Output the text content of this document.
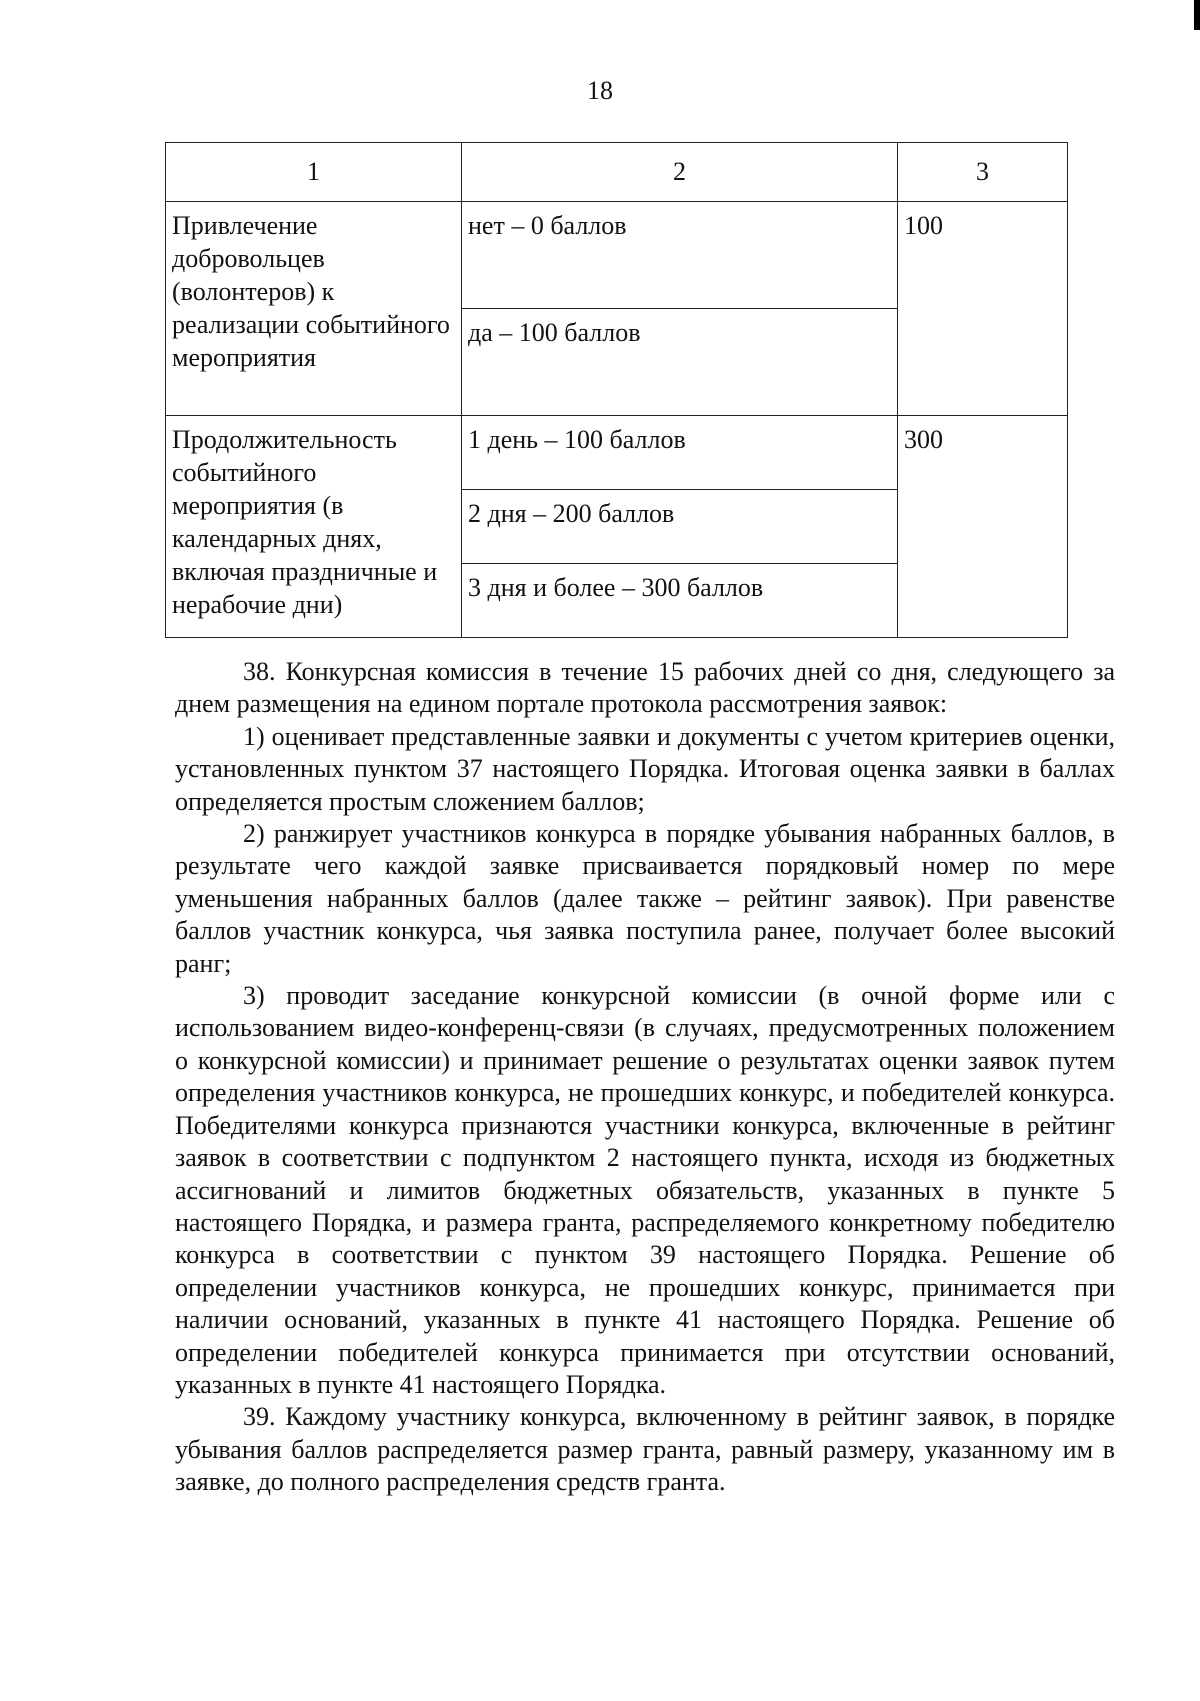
18
1	2	3
Привлечение добровольцев (волонтеров) к реализации событийного мероприятия	нет – 0 баллов	100
	да – 100 баллов	
Продолжительность событийного мероприятия (в календарных днях, включая праздничные и нерабочие дни)	1 день – 100 баллов	300
	2 дня – 200 баллов	
	3 дня и более – 300 баллов	

38. Конкурсная комиссия в течение 15 рабочих дней со дня, следующего за днем размещения на едином портале протокола рассмотрения заявок:

1) оценивает представленные заявки и документы с учетом критериев оценки, установленных пунктом 37 настоящего Порядка. Итоговая оценка заявки в баллах определяется простым сложением баллов;

2) ранжирует участников конкурса в порядке убывания набранных баллов, в результате чего каждой заявке присваивается порядковый номер по мере уменьшения набранных баллов (далее также – рейтинг заявок). При равенстве баллов участник конкурса, чья заявка поступила ранее, получает более высокий ранг;

3) проводит заседание конкурсной комиссии (в очной форме или с использованием видео-конференц-связи (в случаях, предусмотренных положением о конкурсной комиссии) и принимает решение о результатах оценки заявок путем определения участников конкурса, не прошедших конкурс, и победителей конкурса. Победителями конкурса признаются участники конкурса, включенные в рейтинг заявок в соответствии с подпунктом 2 настоящего пункта, исходя из бюджетных ассигнований и лимитов бюджетных обязательств, указанных в пункте 5 настоящего Порядка, и размера гранта, распределяемого конкретному победителю конкурса в соответствии с пунктом 39 настоящего Порядка. Решение об определении участников конкурса, не прошедших конкурс, принимается при наличии оснований, указанных в пункте 41 настоящего Порядка. Решение об определении победителей конкурса принимается при отсутствии оснований, указанных в пункте 41 настоящего Порядка.

39. Каждому участнику конкурса, включенному в рейтинг заявок, в порядке убывания баллов распределяется размер гранта, равный размеру, указанному им в заявке, до полного распределения средств гранта.
